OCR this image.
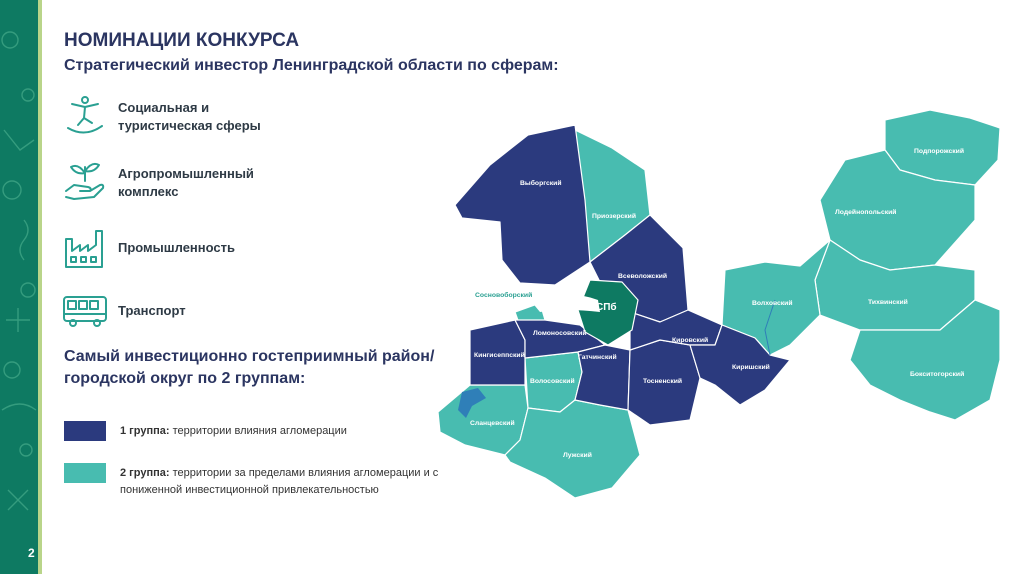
2
НОМИНАЦИИ КОНКУРСА
Стратегический инвестор Ленинградской области по сферам:
Социальная и
туристическая сферы
Агропромышленный
комплекс
Промышленность
Транспорт
Самый инвестиционно гостеприимный район/городской округ по 2 группам:
1 группа: территории влияния агломерации
2 группа: территории за пределами влияния агломерации и с пониженной инвестиционной привлекательностью
Выборгский
Приозерский
Всеволожский
Сосновоборский
СПб
Ломоносовский
Кингисеппский	Гатчинский
Кировский
Тосненский
Киришский
Волосовский
Сланцевский
Лужский
Волховский
Подпорожский
Лодейнопольский
Тихвинский
Бокситогорский
